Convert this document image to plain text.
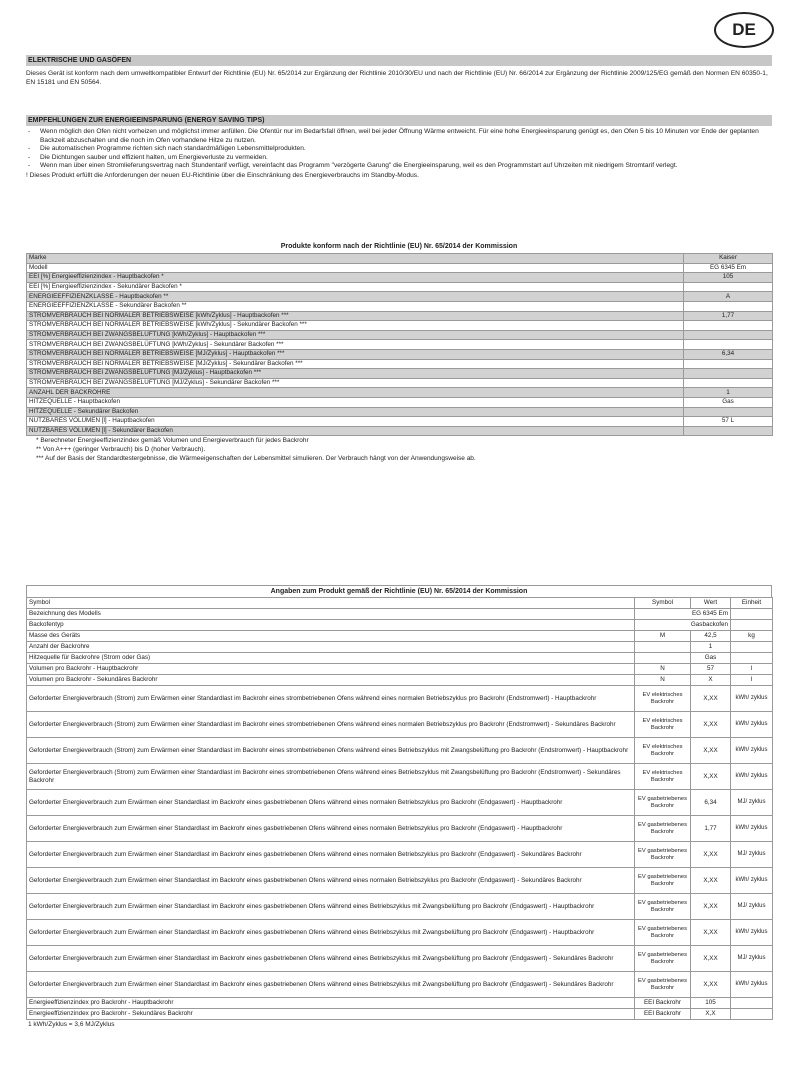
DE
ELEKTRISCHE UND GASÖFEN

Dieses Gerät ist konform nach dem umweltkompatibler Entwurf der Richtlinie (EU) Nr. 65/2014 zur Ergänzung der Richtlinie 2010/30/EU und nach der Richtlinie (EU) Nr. 66/2014 zur Ergänzung der Richtlinie 2009/125/EG gemäß den Normen EN 60350-1, EN 15181 und EN 50564.

EMPFEHLUNGEN ZUR ENERGIEEINSPARUNG (ENERGY SAVING TIPS)
- Wenn möglich den Ofen nicht vorheizen und möglichst immer anfüllen. Die Ofentür nur im Bedarfsfall öffnen, weil bei jeder Öffnung Wärme entweicht. Für eine hohe Energieeinsparung genügt es, den Ofen 5 bis 10 Minuten vor Ende der geplanten Backzeit abzuschalten und die noch im Ofen vorhandene Hitze zu nutzen.
- Die automatischen Programme richten sich nach standardmäßigen Lebensmittelprodukten.
- Die Dichtungen sauber und effizient halten, um Energieverluste zu vermeiden.
- Wenn man über einen Stromlieferungsvertrag nach Stundentarif verfügt, vereinfacht das Programm "verzögerte Garung" die Energieeinsparung, weil es den Programmstart auf Uhrzeiten mit niedrigem Stromtarif verlegt.

! Dieses Produkt erfüllt die Anforderungen der neuen EU-Richtlinie über die Einschränkung des Energieverbrauchs im Standby-Modus.

Produkte konform nach der Richtlinie (EU) Nr. 65/2014 der Kommission
Marke	Kaiser
Modell	EG 6345 Em
EEI [%] Energieeffizienzindex - Hauptbackofen *	105
EEI [%] Energieeffizienzindex - Sekundärer Backofen *	
ENERGIEEFFIZIENZKLASSE - Hauptbackofen **	A
ENERGIEEFFIZIENZKLASSE - Sekundärer Backofen **	
STROMVERBRAUCH BEI NORMALER BETRIEBSWEISE [kWh/Zyklus] - Hauptbackofen ***	1,77
STROMVERBRAUCH BEI NORMALER BETRIEBSWEISE [kWh/Zyklus] - Sekundärer Backofen ***	
STROMVERBRAUCH BEI ZWANGSBELÜFTUNG [kWh/Zyklus] - Hauptbackofen ***	
STROMVERBRAUCH BEI ZWANGSBELÜFTUNG [kWh/Zyklus] - Sekundärer Backofen ***	
STROMVERBRAUCH BEI NORMALER BETRIEBSWEISE [MJ/Zyklus] - Hauptbackofen ***	6,34
STROMVERBRAUCH BEI NORMALER BETRIEBSWEISE [MJ/Zyklus] - Sekundärer Backofen ***	
STROMVERBRAUCH BEI ZWANGSBELÜFTUNG [MJ/Zyklus] - Hauptbackofen ***	
STROMVERBRAUCH BEI ZWANGSBELÜFTUNG [MJ/Zyklus] - Sekundärer Backofen ***	
ANZAHL DER BACKROHRE	1
HITZEQUELLE - Hauptbackofen	Gas
HITZEQUELLE - Sekundärer Backofen	
NUTZBARES VOLUMEN [l] - Hauptbackofen	57 L
NUTZBARES VOLUMEN [l] - Sekundärer Backofen	
* Berechneter Energieeffizienzindex gemäß Volumen und Energieverbrauch für jedes Backrohr
** Von A+++ (geringer Verbrauch) bis D (hoher Verbrauch).
*** Auf der Basis der Standardtestergebnisse, die Wärmeeigenschaften der Lebensmittel simulieren. Der Verbrauch hängt von der Anwendungsweise ab.
Angaben zum Produkt gemäß der Richtlinie (EU) Nr. 65/2014 der Kommission
Symbol	Symbol	Wert	Einheit
Bezeichnung des Modells	EG 6345 Em		
Backofentyp	Gasbackofen		
Masse des Geräts	M	42,5	kg
Anzahl der Backrohre		1	
Hitzequelle für Backrohre (Strom oder Gas)		Gas	
Volumen pro Backrohr - Hauptbackrohr	N	57	l
Volumen pro Backrohr - Sekundäres Backrohr	N	X	l
Geforderter Energieverbrauch (Strom) zum Erwärmen einer Standardlast im Backrohr eines strombetriebenen Ofens während eines normalen Betriebszyklus pro Backrohr (Endstromwert) - Hauptbackrohr	EV elektrisches Backrohr	X,XX	kWh/ zyklus
Geforderter Energieverbrauch (Strom) zum Erwärmen einer Standardlast im Backrohr eines strombetriebenen Ofens während eines normalen Betriebszyklus pro Backrohr (Endstromwert) - Sekundäres Backrohr	EV elektrisches Backrohr	X,XX	kWh/ zyklus
Geforderter Energieverbrauch (Strom) zum Erwärmen einer Standardlast im Backrohr eines strombetriebenen Ofens während eines Betriebszyklus mit Zwangsbelüftung pro Backrohr (Endstromwert) - Hauptbackrohr	EV elektrisches Backrohr	X,XX	kWh/ zyklus
Geforderter Energieverbrauch (Strom) zum Erwärmen einer Standardlast im Backrohr eines strombetriebenen Ofens während eines Betriebszyklus mit Zwangsbelüftung pro Backrohr (Endstromwert) - Sekundäres Backrohr	EV elektrisches Backrohr	X,XX	kWh/ zyklus
Geforderter Energieverbrauch zum Erwärmen einer Standardlast im Backrohr eines gasbetriebenen Ofens während eines normalen Betriebszyklus pro Backrohr (Endgaswert) - Hauptbackrohr	EV gasbetriebenes Backrohr	6,34	MJ/ zyklus
Geforderter Energieverbrauch zum Erwärmen einer Standardlast im Backrohr eines gasbetriebenen Ofens während eines normalen Betriebszyklus pro Backrohr (Endgaswert) - Hauptbackrohr	EV gasbetriebenes Backrohr	1,77	kWh/ zyklus
Geforderter Energieverbrauch zum Erwärmen einer Standardlast im Backrohr eines gasbetriebenen Ofens während eines normalen Betriebszyklus pro Backrohr (Endgaswert) - Sekundäres Backrohr	EV gasbetriebenes Backrohr	X,XX	MJ/ zyklus
Geforderter Energieverbrauch zum Erwärmen einer Standardlast im Backrohr eines gasbetriebenen Ofens während eines normalen Betriebszyklus pro Backrohr (Endgaswert) - Sekundäres Backrohr	EV gasbetriebenes Backrohr	X,XX	kWh/ zyklus
Geforderter Energieverbrauch zum Erwärmen einer Standardlast im Backrohr eines gasbetriebenen Ofens während eines Betriebszyklus mit Zwangsbelüftung pro Backrohr (Endgaswert) - Hauptbackrohr	EV gasbetriebenes Backrohr	X,XX	MJ/ zyklus
Geforderter Energieverbrauch zum Erwärmen einer Standardlast im Backrohr eines gasbetriebenen Ofens während eines Betriebszyklus mit Zwangsbelüftung pro Backrohr (Endgaswert) - Hauptbackrohr	EV gasbetriebenes Backrohr	X,XX	kWh/ zyklus
Geforderter Energieverbrauch zum Erwärmen einer Standardlast im Backrohr eines gasbetriebenen Ofens während eines Betriebszyklus mit Zwangsbelüftung pro Backrohr (Endgaswert) - Sekundäres Backrohr	EV gasbetriebenes Backrohr	X,XX	MJ/ zyklus
Geforderter Energieverbrauch zum Erwärmen einer Standardlast im Backrohr eines gasbetriebenen Ofens während eines Betriebszyklus mit Zwangsbelüftung pro Backrohr (Endgaswert) - Sekundäres Backrohr	EV gasbetriebenes Backrohr	X,XX	kWh/ zyklus
Energieeffizienzindex pro Backrohr - Hauptbackrohr	EEI Backrohr	105	
Energieeffizienzindex pro Backrohr - Sekundäres Backrohr	EEI Backrohr	X,X	
1 kWh/Zyklus = 3,6 MJ/Zyklus
